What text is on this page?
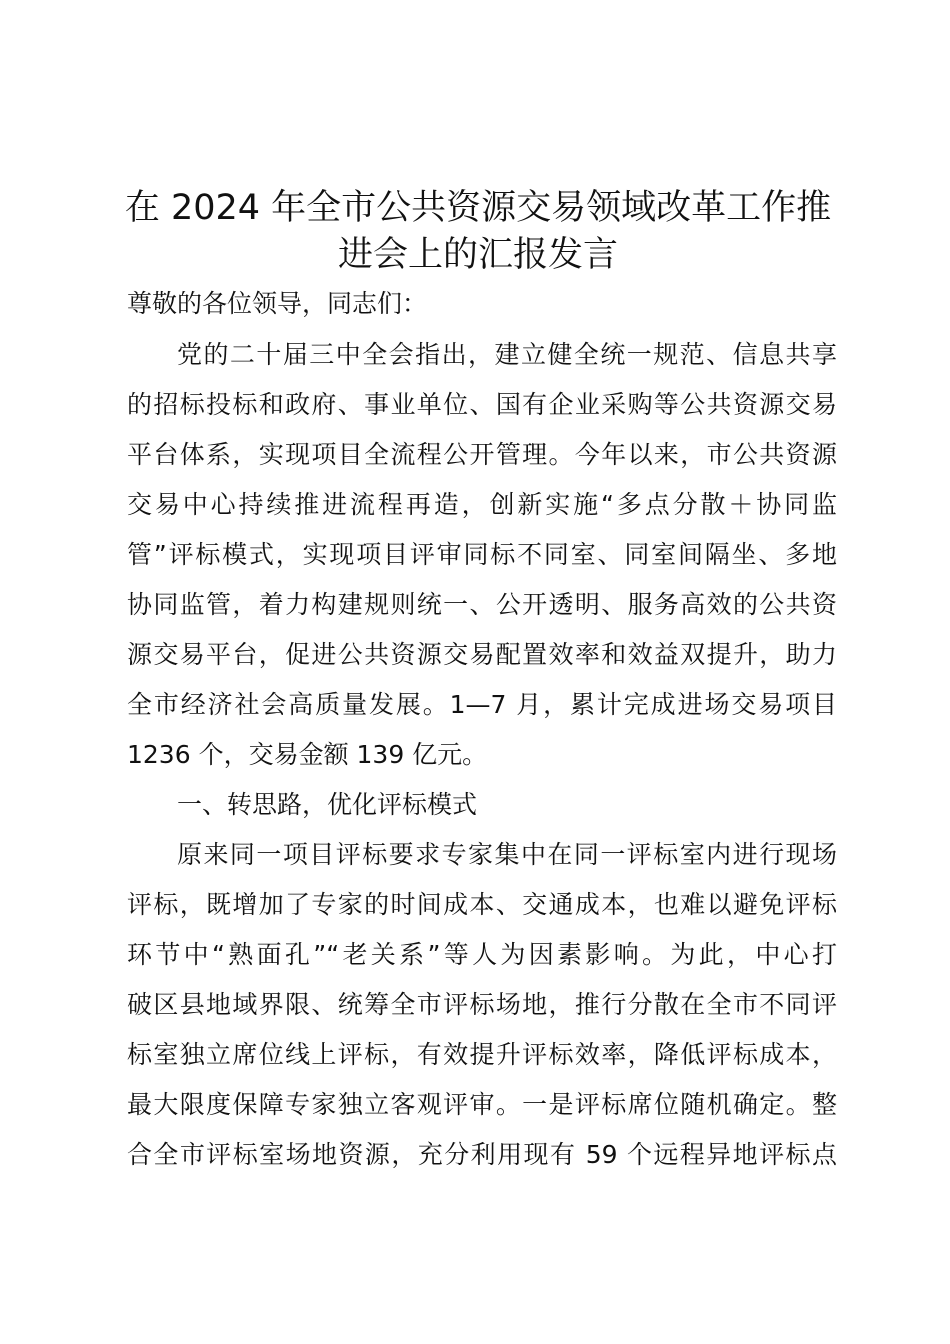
在 2024 年全市公共资源交易领域改革工作推
进会上的汇报发言

尊敬的各位领导，同志们：

党的二十届三中全会指出，建立健全统一规范、信息共享

的招标投标和政府、事业单位、国有企业采购等公共资源交易

平台体系，实现项目全流程公开管理。今年以来，市公共资源

交易中心持续推进流程再造，创新实施“多点分散＋协同监

管”评标模式，实现项目评审同标不同室、同室间隔坐、多地

协同监管，着力构建规则统一、公开透明、服务高效的公共资

源交易平台，促进公共资源交易配置效率和效益双提升，助力

全市经济社会高质量发展。1—7 月，累计完成进场交易项目

1236 个，交易金额 139 亿元。

一、转思路，优化评标模式

原来同一项目评标要求专家集中在同一评标室内进行现场

评标，既增加了专家的时间成本、交通成本，也难以避免评标

环节中“熟面孔”“老关系”等人为因素影响。为此，中心打

破区县地域界限、统筹全市评标场地，推行分散在全市不同评

标室独立席位线上评标，有效提升评标效率，降低评标成本，

最大限度保障专家独立客观评审。一是评标席位随机确定。整

合全市评标室场地资源，充分利用现有 59 个远程异地评标点
